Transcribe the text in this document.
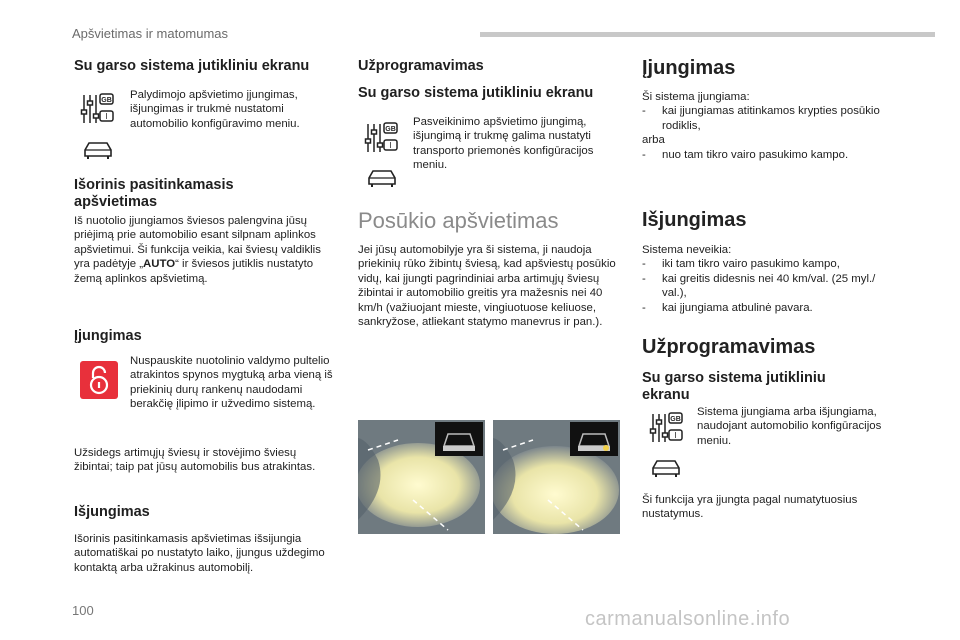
Apšvietimas ir matomumas
Su garso sistema jutikliniu ekranu
GB
I
Palydimojo apšvietimo įjungimas, išjungimas ir trukmė nustatomi automobilio konfigūravimo meniu.
Išorinis pasitinkamasis
apšvietimas
Iš nuotolio įjungiamos šviesos palengvina jūsų priėjimą prie automobilio esant silpnam aplinkos apšvietimui. Ši funkcija veikia, kai šviesų valdiklis yra padėtyje „AUTO“ ir šviesos jutiklis nustatyto žemą aplinkos apšvietimą.
Įjungimas
Nuspauskite nuotolinio valdymo pultelio atrakintos spynos mygtuką arba vieną iš priekinių durų rankenų naudodami berakčię įlipimo ir užvedimo sistemą.
Užsidegs artimųjų šviesų ir stovėjimo šviesų žibintai; taip pat jūsų automobilis bus atrakintas.
Išjungimas
Išorinis pasitinkamasis apšvietimas išsijungia automatiškai po nustatyto laiko, įjungus uždegimo kontaktą arba užrakinus automobilį.
Užprogramavimas
Su garso sistema jutikliniu ekranu
GB
I
Pasveikinimo apšvietimo įjungimą, išjungimą ir trukmę galima nustatyti transporto priemonės konfigūracijos meniu.
Posūkio apšvietimas
Jei jūsų automobilyje yra ši sistema, ji naudoja priekinių rūko žibintų šviesą, kad apšviestų posūkio vidų, kai įjungti pagrindiniai arba artimųjų šviesų žibintai ir automobilio greitis yra mažesnis nei 40 km/h (važiuojant mieste, vingiuotuose keliuose, sankryžose, atliekant statymo manevrus ir pan.).
Įjungimas
Ši sistema įjungiama:
-	kai įjungiamas atitinkamos krypties posūkio rodiklis,
arba
-	nuo tam tikro vairo pasukimo kampo.
Išjungimas
Sistema neveikia:
-	iki tam tikro vairo pasukimo kampo,
-	kai greitis didesnis nei 40 km/val. (25 myl./ val.),
-	kai įjungiama atbulinė pavara.
Užprogramavimas
Su garso sistema jutikliniu
ekranu
GB
I
Sistema įjungiama arba išjungiama, naudojant automobilio konfigūracijos meniu.
Ši funkcija yra įjungta pagal numatytuosius nustatymus.
100	carmanualsonline.info
